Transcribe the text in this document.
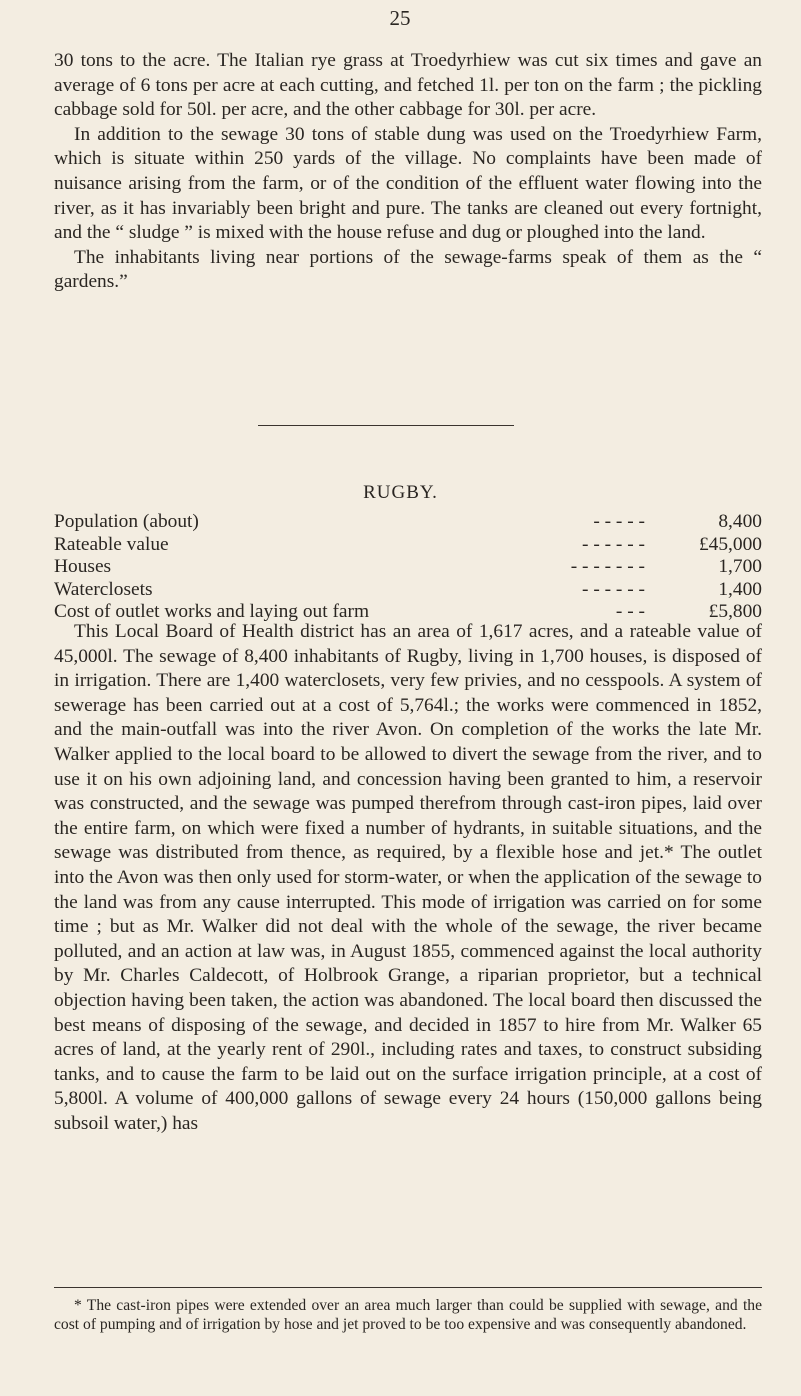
25

30 tons to the acre. The Italian rye grass at Troedyrhiew was cut six times and gave an average of 6 tons per acre at each cutting, and fetched 1l. per ton on the farm ; the pickling cabbage sold for 50l. per acre, and the other cabbage for 30l. per acre.

In addition to the sewage 30 tons of stable dung was used on the Troedyrhiew Farm, which is situate within 250 yards of the village. No complaints have been made of nuisance arising from the farm, or of the condition of the effluent water flowing into the river, as it has invariably been bright and pure. The tanks are cleaned out every fortnight, and the “ sludge ” is mixed with the house refuse and dug or ploughed into the land.

The inhabitants living near portions of the sewage-farms speak of them as the “ gardens.”

RUGBY.
Population (about)	- - - - -	8,400
Rateable value	- - - - - -	£45,000
Houses	- - - - - - -	1,700
Waterclosets	- - - - - -	1,400
Cost of outlet works and laying out farm	- - -	£5,800

This Local Board of Health district has an area of 1,617 acres, and a rateable value of 45,000l. The sewage of 8,400 inhabitants of Rugby, living in 1,700 houses, is disposed of in irrigation. There are 1,400 waterclosets, very few privies, and no cesspools. A system of sewerage has been carried out at a cost of 5,764l.; the works were commenced in 1852, and the main-outfall was into the river Avon. On completion of the works the late Mr. Walker applied to the local board to be allowed to divert the sewage from the river, and to use it on his own adjoining land, and concession having been granted to him, a reservoir was constructed, and the sewage was pumped therefrom through cast-iron pipes, laid over the entire farm, on which were fixed a number of hydrants, in suitable situations, and the sewage was distributed from thence, as required, by a flexible hose and jet.* The outlet into the Avon was then only used for storm-water, or when the application of the sewage to the land was from any cause interrupted. This mode of irrigation was carried on for some time ; but as Mr. Walker did not deal with the whole of the sewage, the river became polluted, and an action at law was, in August 1855, commenced against the local authority by Mr. Charles Caldecott, of Holbrook Grange, a riparian proprietor, but a technical objection having been taken, the action was abandoned. The local board then discussed the best means of disposing of the sewage, and decided in 1857 to hire from Mr. Walker 65 acres of land, at the yearly rent of 290l., including rates and taxes, to construct subsiding tanks, and to cause the farm to be laid out on the surface irrigation principle, at a cost of 5,800l. A volume of 400,000 gallons of sewage every 24 hours (150,000 gallons being subsoil water,) has

* The cast-iron pipes were extended over an area much larger than could be supplied with sewage, and the cost of pumping and of irrigation by hose and jet proved to be too expensive and was consequently abandoned.
